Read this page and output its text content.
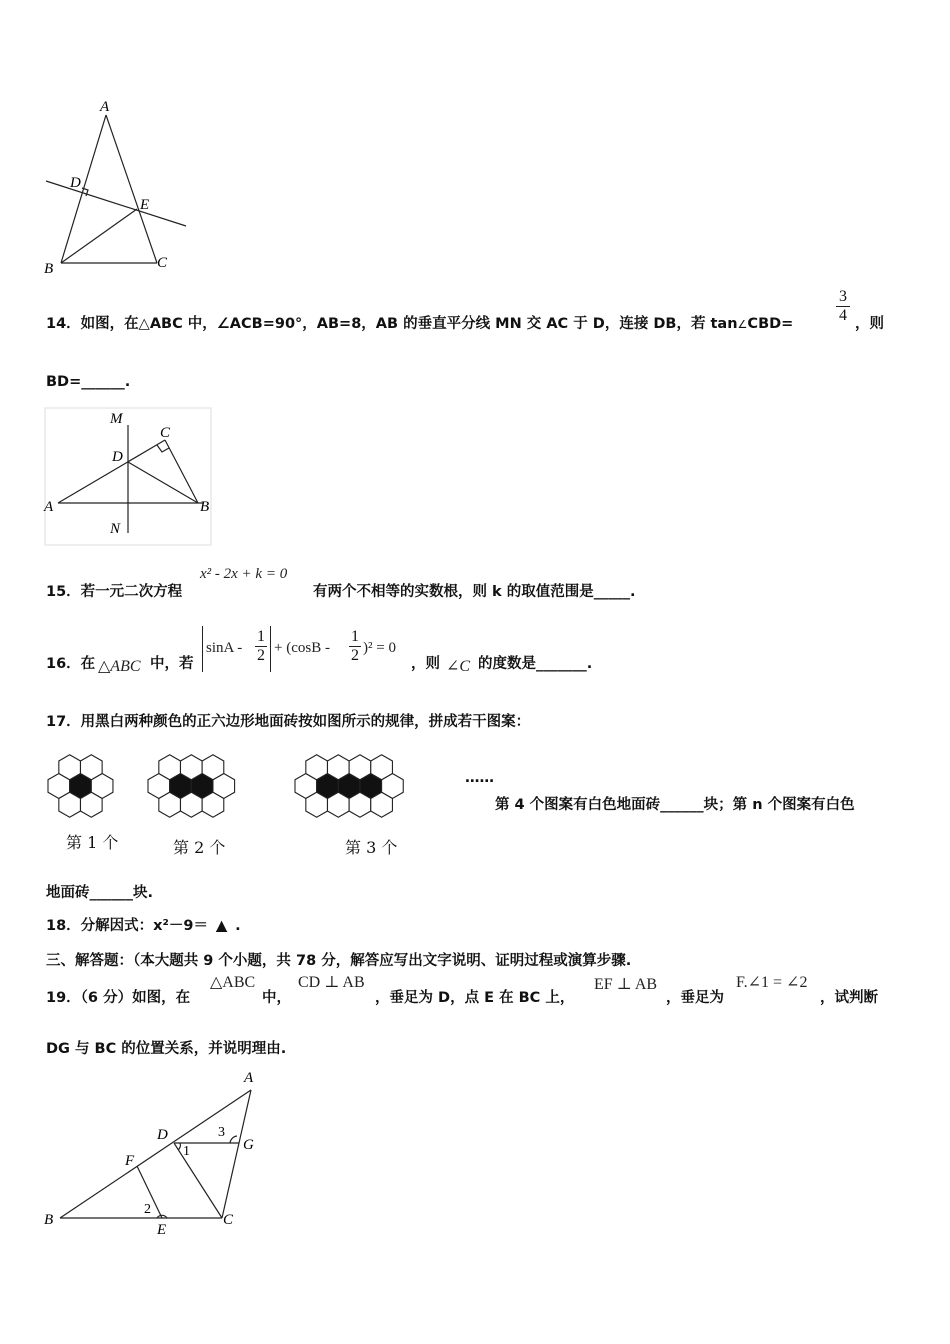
A
D
E
B	C
14．如图，在△ABC 中，∠ACB=90°，AB=8，AB 的垂直平分线 MN 交 AC 于 D，连接 DB，若 tan∠CBD=	$\frac{3}{4}$ ，则
BD=______.
M
C
D
A	B
N
15．若一元二次方程
x² - 2x + k = 0
有两个不相等的实数根，则 k 的取值范围是_____.
16．在 △ABC 中，若
$\sin A - \frac{1}{2} + (\cos B - \frac{1}{2} )^2 = 0$
，则 ∠C 的度数是_______.
17．用黑白两种颜色的正六边形地面砖按如图所示的规律，拼成若干图案：
第 1 个	第 2 个	第 3 个
……
第 4 个图案有白色地面砖______块；第 n 个图案有白色
地面砖______块.
18．分解因式：x²－9＝ ▲ .
三、解答题：（本大题共 9 个小题，共 78 分，解答应写出文字说明、证明过程或演算步骤.
19．（6 分）如图，在
△ABC
中，
CD ⊥ AB
，垂足为 D，点 E 在 BC 上，
EF ⊥ AB
，垂足为
F.∠1 = ∠2
，试判断
DG 与 BC 的位置关系，并说明理由.
A
D	3
G
1
F
2
B
E
C
